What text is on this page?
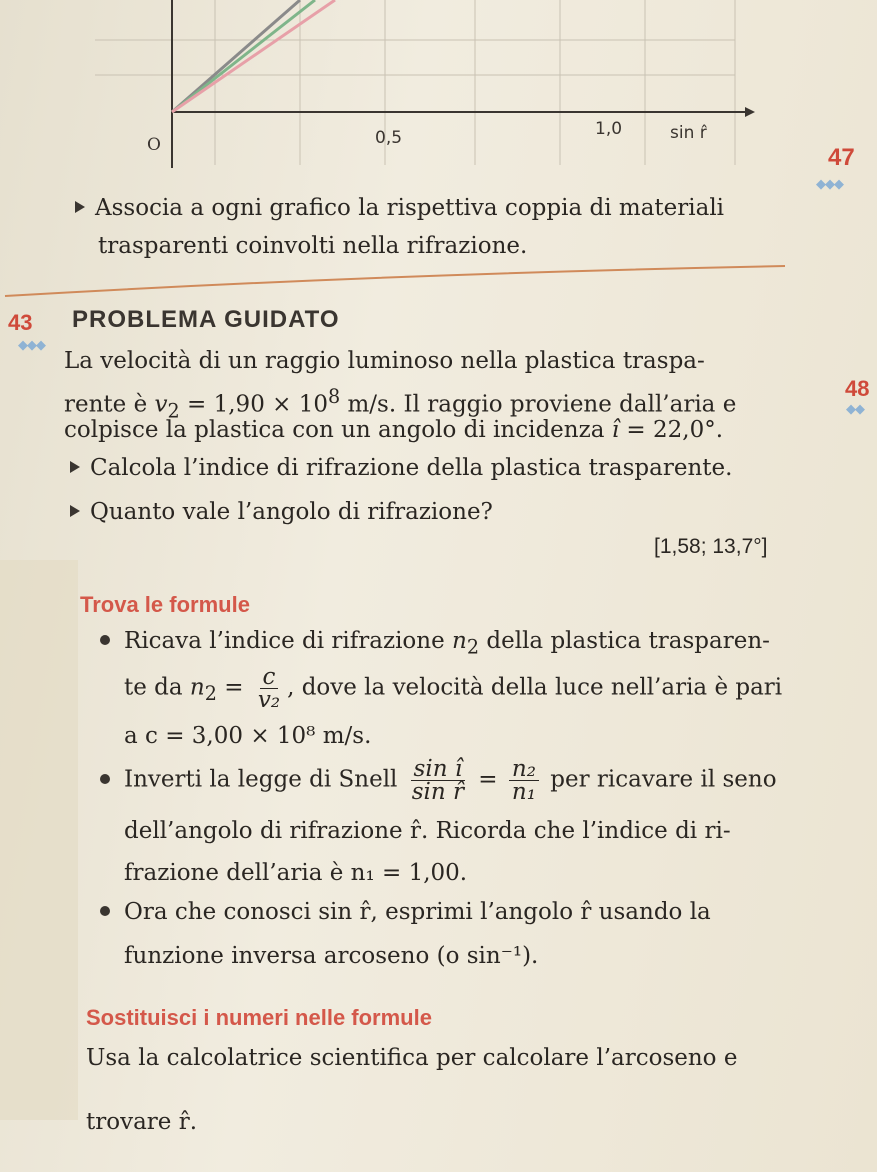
O	0,5	1,0	sin r̂
47
◆◆◆
Associa a ogni grafico la rispettiva coppia di materiali
trasparenti coinvolti nella rifrazione.
48
◆◆
43
◆◆◆
PROBLEMA GUIDATO
La velocità di un raggio luminoso nella plastica traspa-
rente è $v_2 = 1,90 \times 10^8$ m/s. Il raggio proviene dall’aria e
colpisce la plastica con un angolo di incidenza î = 22,0°.
Calcola l’indice di rifrazione della plastica trasparente.
Quanto vale l’angolo di rifrazione?
[1,58; 13,7°]
Trova le formule
Ricava l’indice di rifrazione $n_2$ della plastica trasparen-
te da $n_2 = \frac{c}{\text{v₂}}$ , dove la velocità della luce nell’aria è pari
a c = 3,00 × 10⁸ m/s.
Inverti la legge di Snell $\frac{\text{sin î}}{\text{sin r̂}} = \frac{\text{n₂}}{\text{n₁}}$ per ricavare il seno
dell’angolo di rifrazione r̂. Ricorda che l’indice di ri-
frazione dell’aria è n₁ = 1,00.
Ora che conosci sin r̂, esprimi l’angolo r̂ usando la
funzione inversa arcoseno (o sin⁻¹).
Sostituisci i numeri nelle formule
Usa la calcolatrice scientifica per calcolare l’arcoseno e
trovare r̂.
